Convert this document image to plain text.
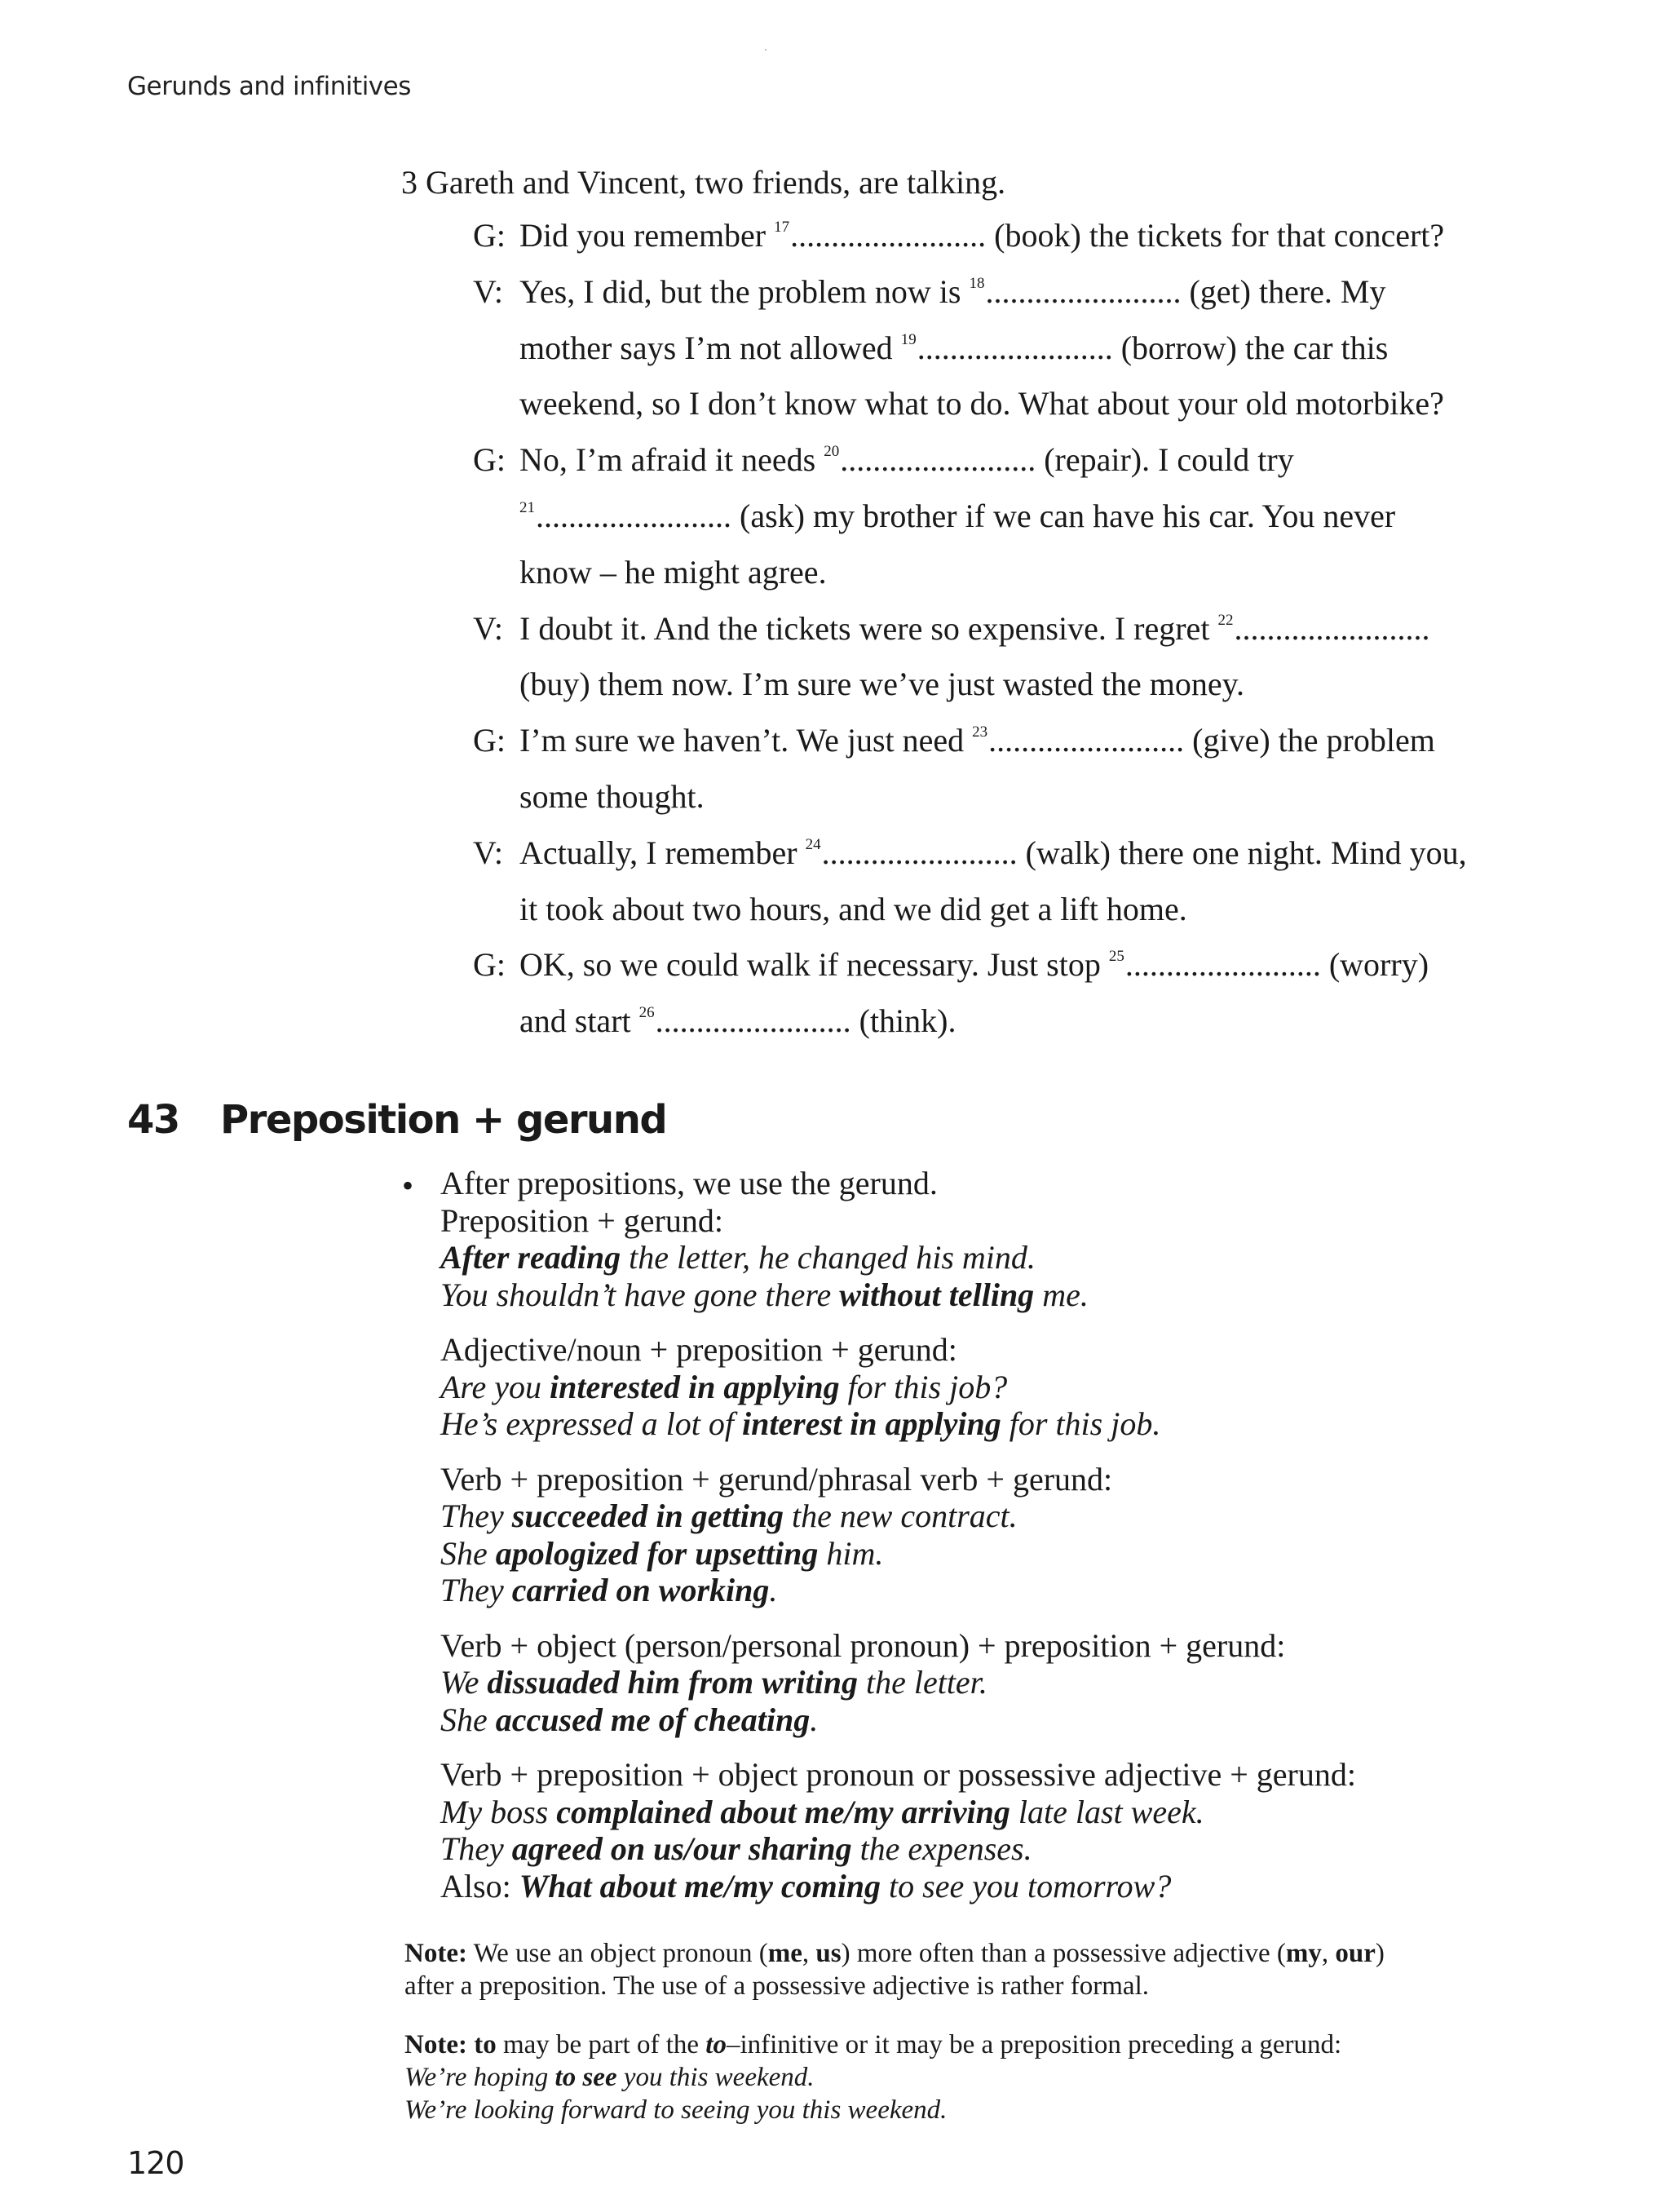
Gerunds and infinitives
3 Gareth and Vincent, two friends, are talking.
G: Did you remember $^{17}$........................ (book) the tickets for that concert?
V: Yes, I did, but the problem now is $^{18}$........................ (get) there. My
mother says I’m not allowed $^{19}$........................ (borrow) the car this
weekend, so I don’t know what to do. What about your old motorbike?
G: No, I’m afraid it needs $^{20}$........................ (repair). I could try
$^{21}$........................ (ask) my brother if we can have his car. You never
know – he might agree.
V: I doubt it. And the tickets were so expensive. I regret $^{22}$........................
(buy) them now. I’m sure we’ve just wasted the money.
G: I’m sure we haven’t. We just need $^{23}$........................ (give) the problem
some thought.
V: Actually, I remember $^{24}$........................ (walk) there one night. Mind you,
it took about two hours, and we did get a lift home.
G: OK, so we could walk if necessary. Just stop $^{25}$........................ (worry)
and start $^{26}$........................ (think).
43 Preposition + gerund
• After prepositions, we use the gerund.
Preposition + gerund:
After reading the letter, he changed his mind.
You shouldn’t have gone there without telling me.
Adjective/noun + preposition + gerund:
Are you interested in applying for this job?
He’s expressed a lot of interest in applying for this job.
Verb + preposition + gerund/phrasal verb + gerund:
They succeeded in getting the new contract.
She apologized for upsetting him.
They carried on working.
Verb + object (person/personal pronoun) + preposition + gerund:
We dissuaded him from writing the letter.
She accused me of cheating.
Verb + preposition + object pronoun or possessive adjective + gerund:
My boss complained about me/my arriving late last week.
They agreed on us/our sharing the expenses.
Also: What about me/my coming to see you tomorrow?
Note: We use an object pronoun (me, us) more often than a possessive adjective (my, our)
after a preposition. The use of a possessive adjective is rather formal.
Note: to may be part of the to–infinitive or it may be a preposition preceding a gerund:
We’re hoping to see you this weekend.
We’re looking forward to seeing you this weekend.
120
